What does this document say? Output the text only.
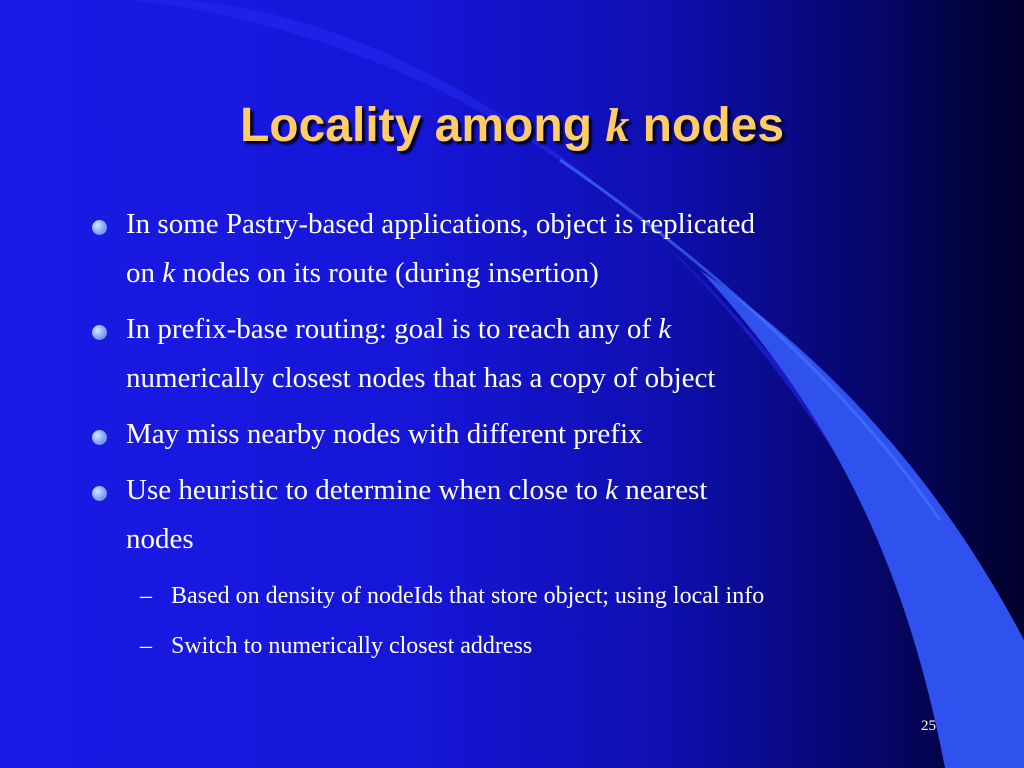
Locality among k nodes
In some Pastry-based applications, object is replicated
on k nodes on its route (during insertion)
In prefix-base routing: goal is to reach any of k
numerically closest nodes that has a copy of object
May miss nearby nodes with different prefix
Use heuristic to determine when close to k nearest
nodes
– Based on density of nodeIds that store object; using local info
– Switch to numerically closest address
25
